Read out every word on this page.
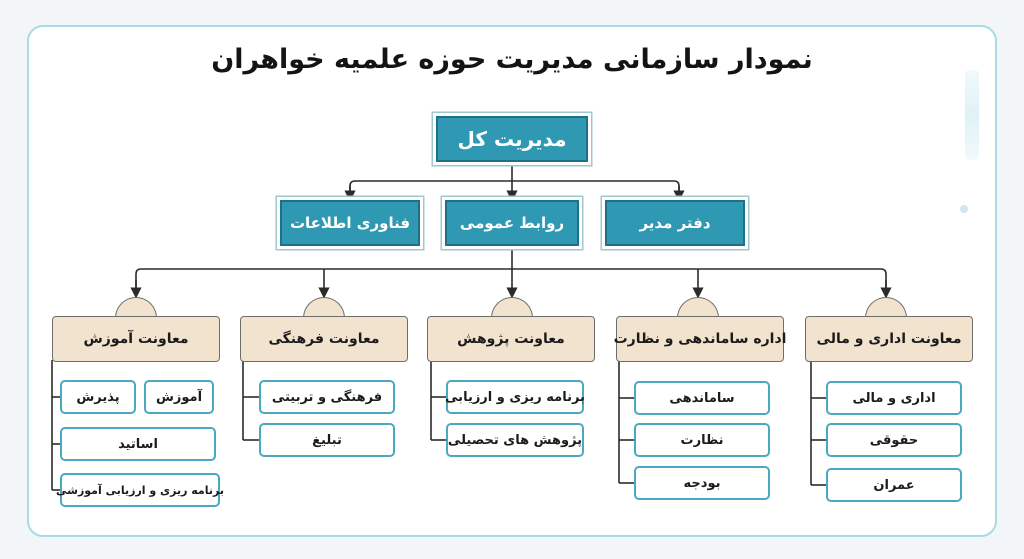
نمودار سازمانی مدیریت حوزه علمیه خواهران
مدیریت کل
فناوری اطلاعات	روابط عمومی	دفتر مدیر
معاونت آموزش	معاونت فرهنگی	معاونت پژوهش	اداره ساماندهی و نظارت معاونت اداری و مالی
آموزش
پذیرش
اساتید
برنامه ریزی و ارزیابی آموزشی
فرهنگی و تربیتی
تبلیغ
برنامه ریزی و ارزیابی
پژوهش های تحصیلی
ساماندهی
نظارت
بودجه
اداری و مالی
حقوقی
عمران
